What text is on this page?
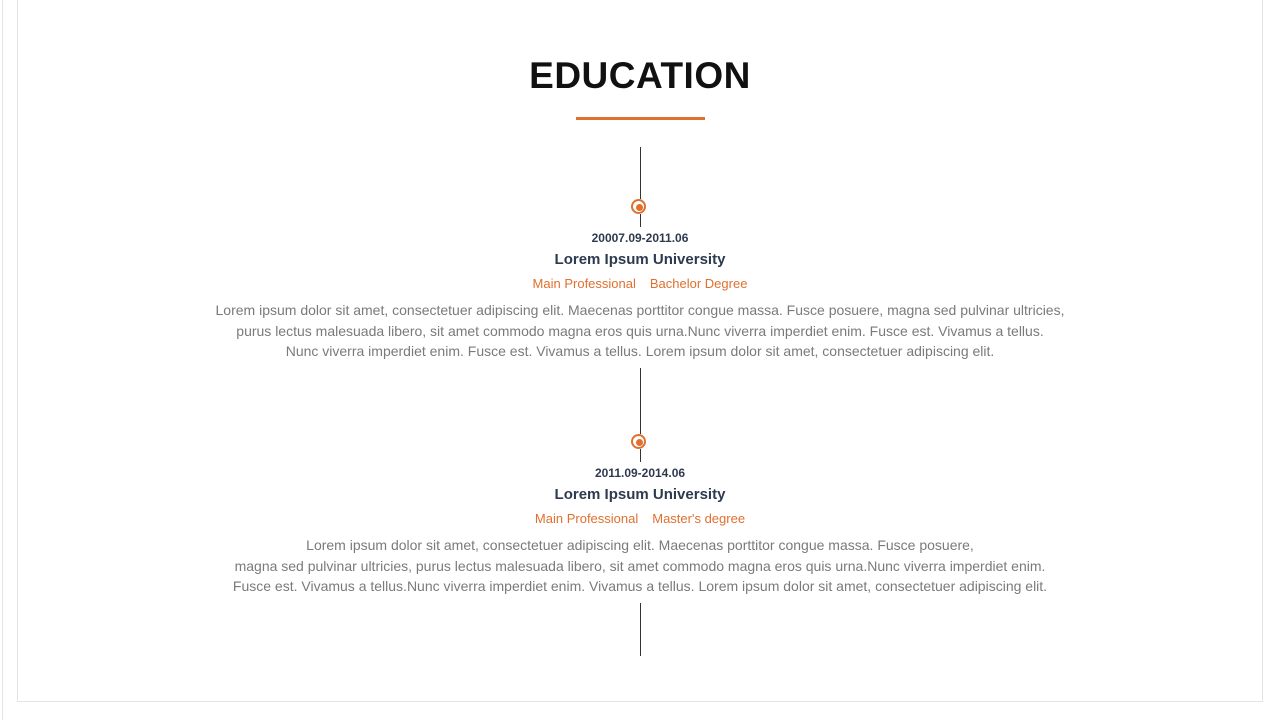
EDUCATION
20007.09-2011.06
Lorem Ipsum University
Main Professional Bachelor Degree
Lorem ipsum dolor sit amet, consectetuer adipiscing elit. Maecenas porttitor congue massa. Fusce posuere, magna sed pulvinar ultricies,
purus lectus malesuada libero, sit amet commodo magna eros quis urna.Nunc viverra imperdiet enim. Fusce est. Vivamus a tellus.
Nunc viverra imperdiet enim. Fusce est. Vivamus a tellus. Lorem ipsum dolor sit amet, consectetuer adipiscing elit.
2011.09-2014.06
Lorem Ipsum University
Main Professional Master's degree
Lorem ipsum dolor sit amet, consectetuer adipiscing elit. Maecenas porttitor congue massa. Fusce posuere,
magna sed pulvinar ultricies, purus lectus malesuada libero, sit amet commodo magna eros quis urna.Nunc viverra imperdiet enim.
Fusce est. Vivamus a tellus.Nunc viverra imperdiet enim. Vivamus a tellus. Lorem ipsum dolor sit amet, consectetuer adipiscing elit.
